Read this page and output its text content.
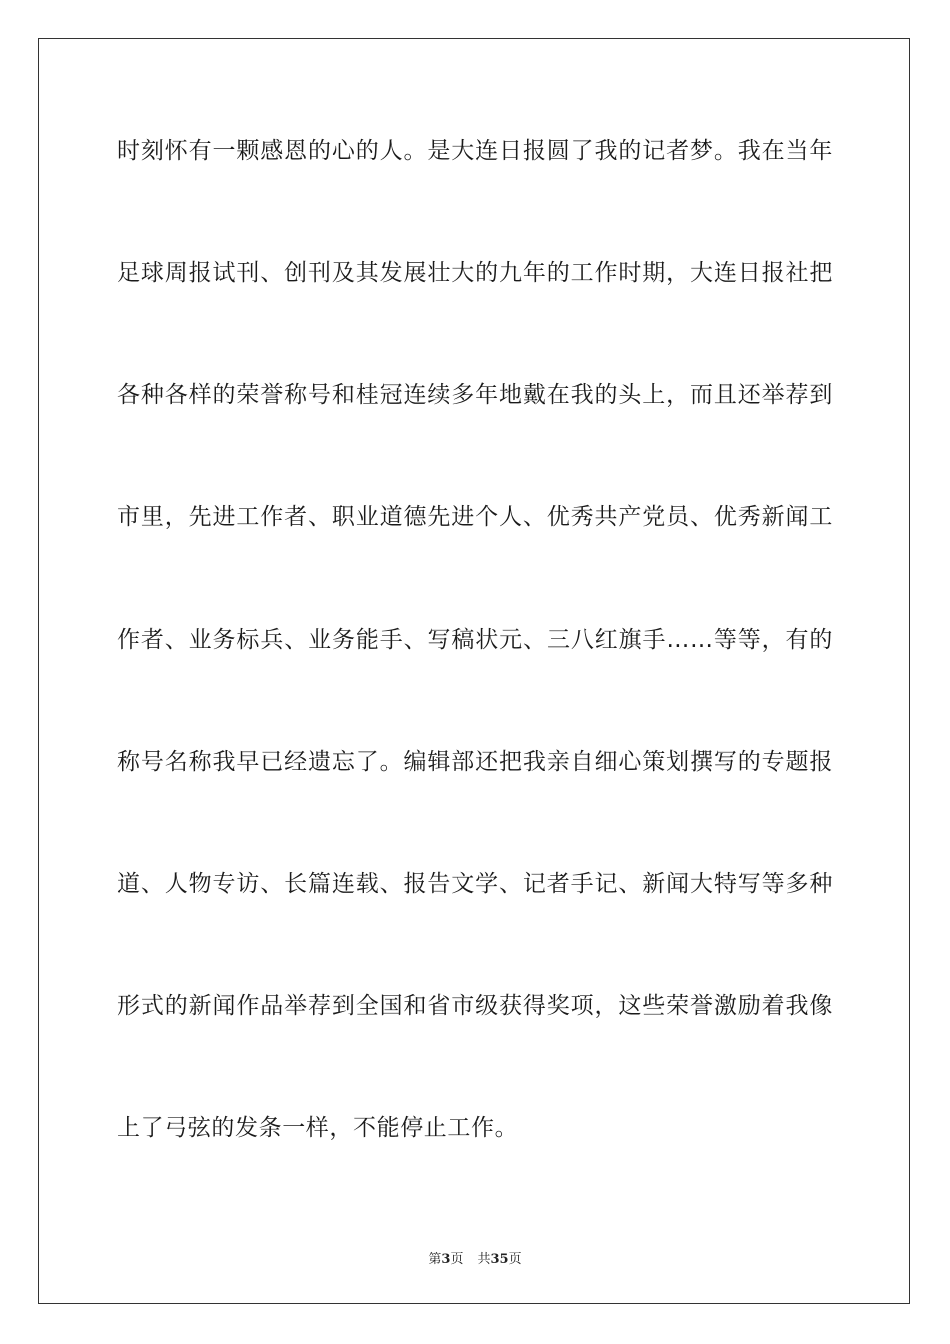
时刻怀有一颗感恩的心的人。是大连日报圆了我的记者梦。我在当年
足球周报试刊、创刊及其发展壮大的九年的工作时期，大连日报社把
各种各样的荣誉称号和桂冠连续多年地戴在我的头上，而且还举荐到
市里，先进工作者、职业道德先进个人、优秀共产党员、优秀新闻工
作者、业务标兵、业务能手、写稿状元、三八红旗手……等等，有的
称号名称我早已经遗忘了。编辑部还把我亲自细心策划撰写的专题报
道、人物专访、长篇连载、报告文学、记者手记、新闻大特写等多种
形式的新闻作品举荐到全国和省市级获得奖项，这些荣誉激励着我像
上了弓弦的发条一样，不能停止工作。
第3页 共35页
